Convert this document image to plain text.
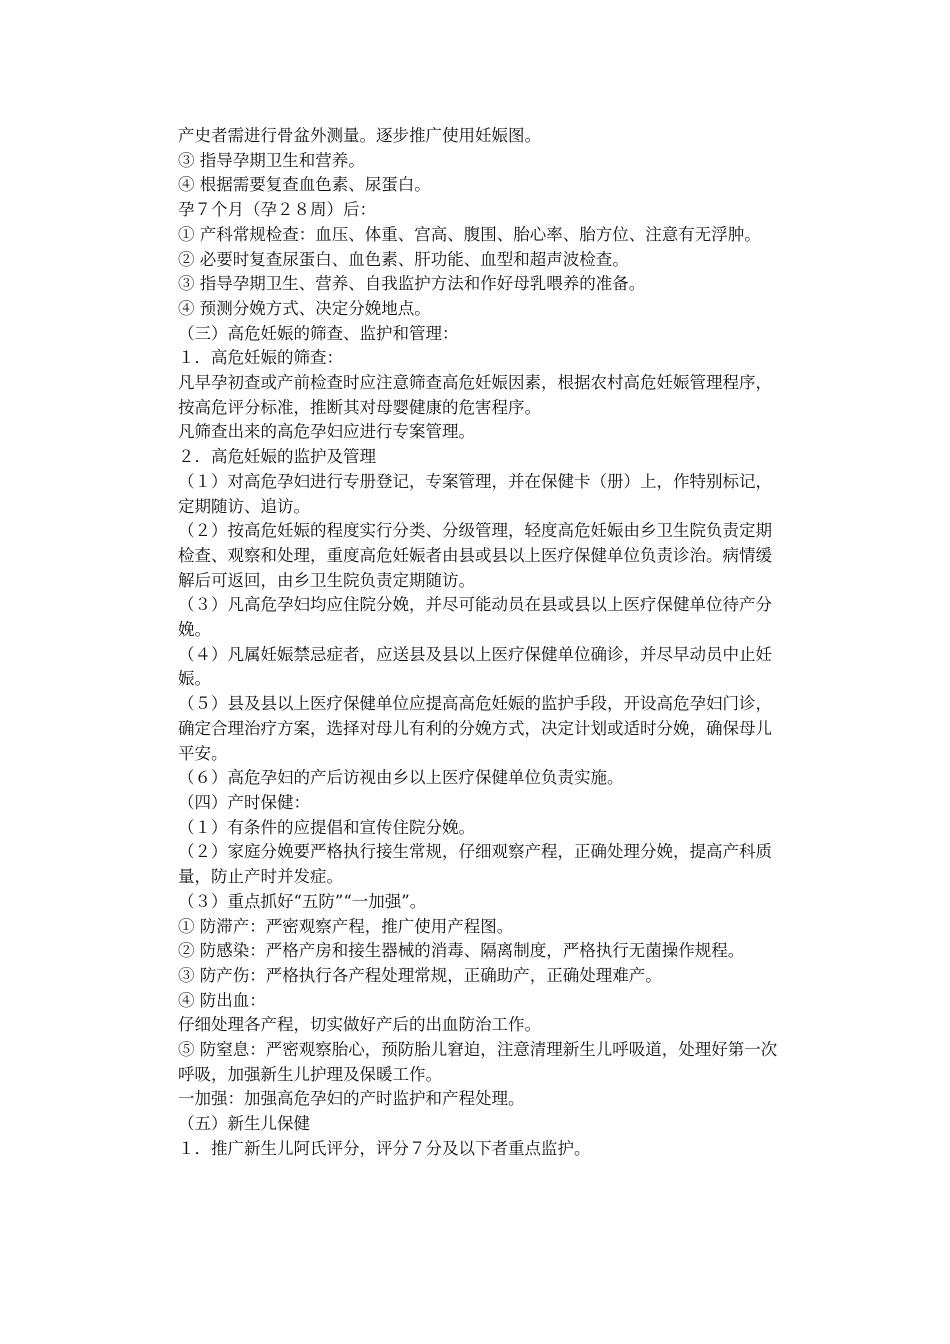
产史者需进行骨盆外测量。逐步推广使用妊娠图。

③ 指导孕期卫生和营养。

④ 根据需要复查血色素、尿蛋白。

孕７个月（孕２８周）后：

① 产科常规检查：血压、体重、宫高、腹围、胎心率、胎方位、注意有无浮肿。

② 必要时复查尿蛋白、血色素、肝功能、血型和超声波检查。

③ 指导孕期卫生、营养、自我监护方法和作好母乳喂养的准备。

④ 预测分娩方式、决定分娩地点。

（三）高危妊娠的筛查、监护和管理：

１．高危妊娠的筛查：

凡早孕初查或产前检查时应注意筛查高危妊娠因素，根据农村高危妊娠管理程序，按高危评分标准，推断其对母婴健康的危害程序。

凡筛查出来的高危孕妇应进行专案管理。

２．高危妊娠的监护及管理

（１）对高危孕妇进行专册登记，专案管理，并在保健卡（册）上，作特别标记，定期随访、追访。

（２）按高危妊娠的程度实行分类、分级管理，轻度高危妊娠由乡卫生院负责定期检查、观察和处理，重度高危妊娠者由县或县以上医疗保健单位负责诊治。病情缓解后可返回，由乡卫生院负责定期随访。

（３）凡高危孕妇均应住院分娩，并尽可能动员在县或县以上医疗保健单位待产分娩。

（４）凡属妊娠禁忌症者，应送县及县以上医疗保健单位确诊，并尽早动员中止妊娠。

（５）县及县以上医疗保健单位应提高高危妊娠的监护手段，开设高危孕妇门诊，确定合理治疗方案，选择对母儿有利的分娩方式，决定计划或适时分娩，确保母儿平安。

（６）高危孕妇的产后访视由乡以上医疗保健单位负责实施。

（四）产时保健：

（１）有条件的应提倡和宣传住院分娩。

（２）家庭分娩要严格执行接生常规，仔细观察产程，正确处理分娩，提高产科质量，防止产时并发症。

（３）重点抓好“五防”“一加强”。

① 防滞产：严密观察产程，推广使用产程图。

② 防感染：严格产房和接生器械的消毒、隔离制度，严格执行无菌操作规程。

③ 防产伤：严格执行各产程处理常规，正确助产，正确处理难产。

④ 防出血：

仔细处理各产程，切实做好产后的出血防治工作。

⑤ 防窒息：严密观察胎心，预防胎儿窘迫，注意清理新生儿呼吸道，处理好第一次呼吸，加强新生儿护理及保暖工作。

一加强：加强高危孕妇的产时监护和产程处理。

（五）新生儿保健

１．推广新生儿阿氏评分，评分７分及以下者重点监护。
